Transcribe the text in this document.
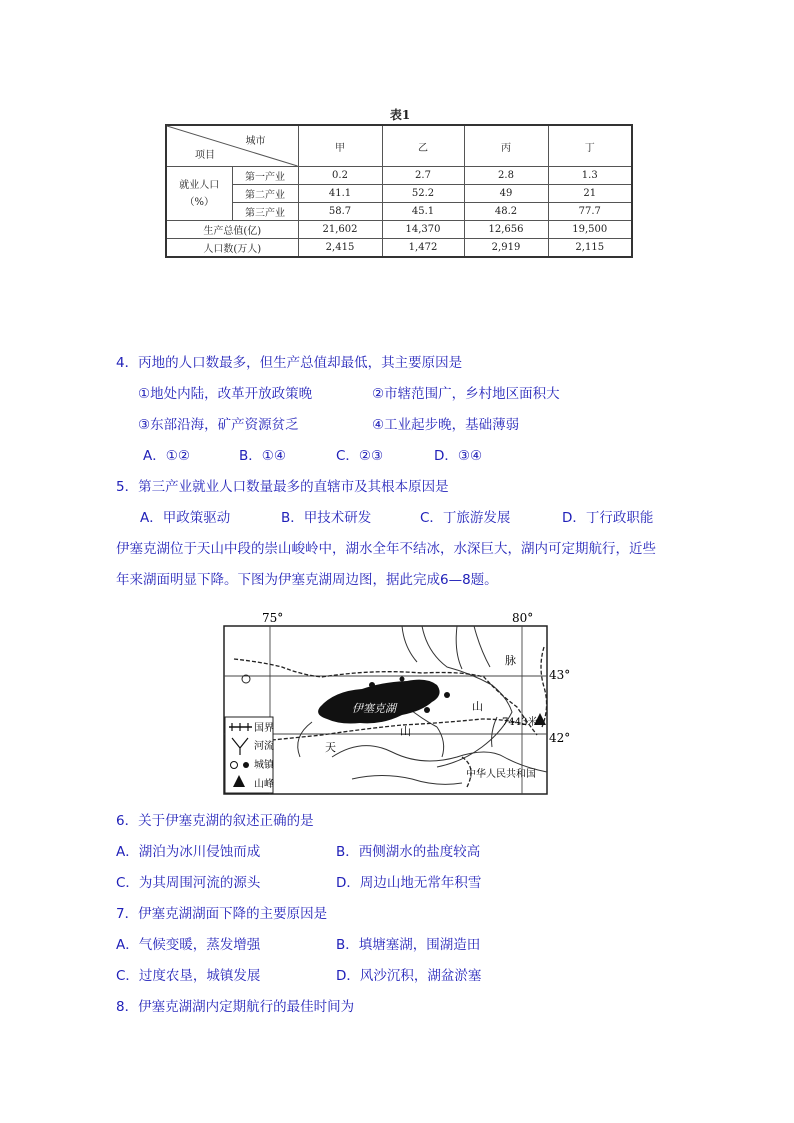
表1
城市
项目		甲	乙	丙	丁
就业人口
（%）	第一产业	0.2	2.7	2.8	1.3
	第二产业	41.1	52.2	49	21
	第三产业	58.7	45.1	48.2	77.7
生产总值(亿)		21,602	14,370	12,656	19,500
人口数(万人)		2,415	1,472	2,919	2,115
4．丙地的人口数最多，但生产总值却最低，其主要原因是
①地处内陆，改革开放政策晚	②市辖范围广，乡村地区面积大
③东部沿海，矿产资源贫乏	④工业起步晚，基础薄弱
A．①②	B．①④	C．②③	D．③④
5．第三产业就业人口数量最多的直辖市及其根本原因是
A．甲政策驱动	B．甲技术研发	C．丁旅游发展	D．丁行政职能
伊塞克湖位于天山中段的崇山峻岭中，湖水全年不结冰，水深巨大，湖内可定期航行，近些
年来湖面明显下降。下图为伊塞克湖周边图，据此完成6—8题。
75°	80°
43°
42°
伊塞克湖
7443米
脉
山
山
天
中华人民共和国
国界
河流
城镇
山峰
6．关于伊塞克湖的叙述正确的是
A．湖泊为冰川侵蚀而成	B．西侧湖水的盐度较高
C．为其周围河流的源头	D．周边山地无常年积雪
7．伊塞克湖湖面下降的主要原因是
A．气候变暖，蒸发增强	B．填塘塞湖，围湖造田
C．过度农垦，城镇发展	D．风沙沉积，湖盆淤塞
8．伊塞克湖湖内定期航行的最佳时间为
